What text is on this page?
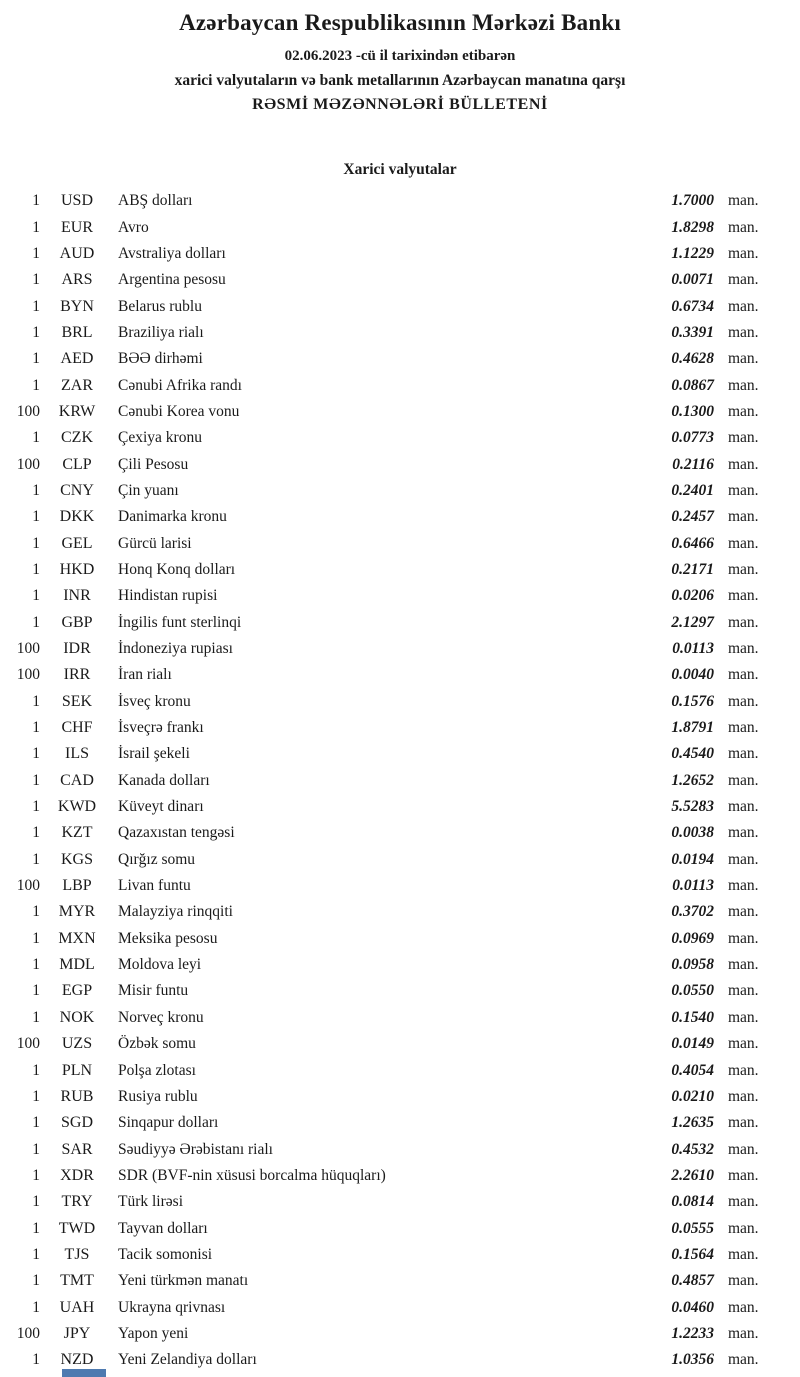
Azərbaycan Respublikasının Mərkəzi Bankı

02.06.2023 -cü il tarixindən etibarən

xarici valyutaların və bank metallarının Azərbaycan manatına qarşı

RƏSMİ MƏZƏNNƏLƏRİ BÜLLETENİ

Xarici valyutalar
1	USD	ABŞ dolları	1.7000 man.
1	EUR	Avro	1.8298 man.
1	AUD	Avstraliya dolları	1.1229 man.
1	ARS	Argentina pesosu	0.0071 man.
1	BYN	Belarus rublu	0.6734 man.
1	BRL	Braziliya rialı	0.3391 man.
1	AED	BƏƏ dirhəmi	0.4628 man.
1	ZAR	Cənubi Afrika randı	0.0867 man.
100	KRW	Cənubi Korea vonu	0.1300 man.
1	CZK	Çexiya kronu	0.0773 man.
100	CLP	Çili Pesosu	0.2116 man.
1	CNY	Çin yuanı	0.2401 man.
1	DKK	Danimarka kronu	0.2457 man.
1	GEL	Gürcü larisi	0.6466 man.
1	HKD	Honq Konq dolları	0.2171 man.
1	INR	Hindistan rupisi	0.0206 man.
1	GBP	İngilis funt sterlinqi	2.1297 man.
100	IDR	İndoneziya rupiası	0.0113 man.
100	IRR	İran rialı	0.0040 man.
1	SEK	İsveç kronu	0.1576 man.
1	CHF	İsveçrə frankı	1.8791 man.
1	ILS	İsrail şekeli	0.4540 man.
1	CAD	Kanada dolları	1.2652 man.
1	KWD	Küveyt dinarı	5.5283 man.
1	KZT	Qazaxıstan tengəsi	0.0038 man.
1	KGS	Qırğız somu	0.0194 man.
100	LBP	Livan funtu	0.0113 man.
1	MYR	Malayziya rinqqiti	0.3702 man.
1	MXN	Meksika pesosu	0.0969 man.
1	MDL	Moldova leyi	0.0958 man.
1	EGP	Misir funtu	0.0550 man.
1	NOK	Norveç kronu	0.1540 man.
100	UZS	Özbək somu	0.0149 man.
1	PLN	Polşa zlotası	0.4054 man.
1	RUB	Rusiya rublu	0.0210 man.
1	SGD	Sinqapur dolları	1.2635 man.
1	SAR	Səudiyyə Ərəbistanı rialı	0.4532 man.
1	XDR	SDR (BVF-nin xüsusi borcalma hüquqları)	2.2610 man.
1	TRY	Türk lirəsi	0.0814 man.
1	TWD	Tayvan dolları	0.0555 man.
1	TJS	Tacik somonisi	0.1564 man.
1	TMT	Yeni türkmən manatı	0.4857 man.
1	UAH	Ukrayna qrivnası	0.0460 man.
100	JPY	Yapon yeni	1.2233 man.
1	NZD	Yeni Zelandiya dolları	1.0356 man.
